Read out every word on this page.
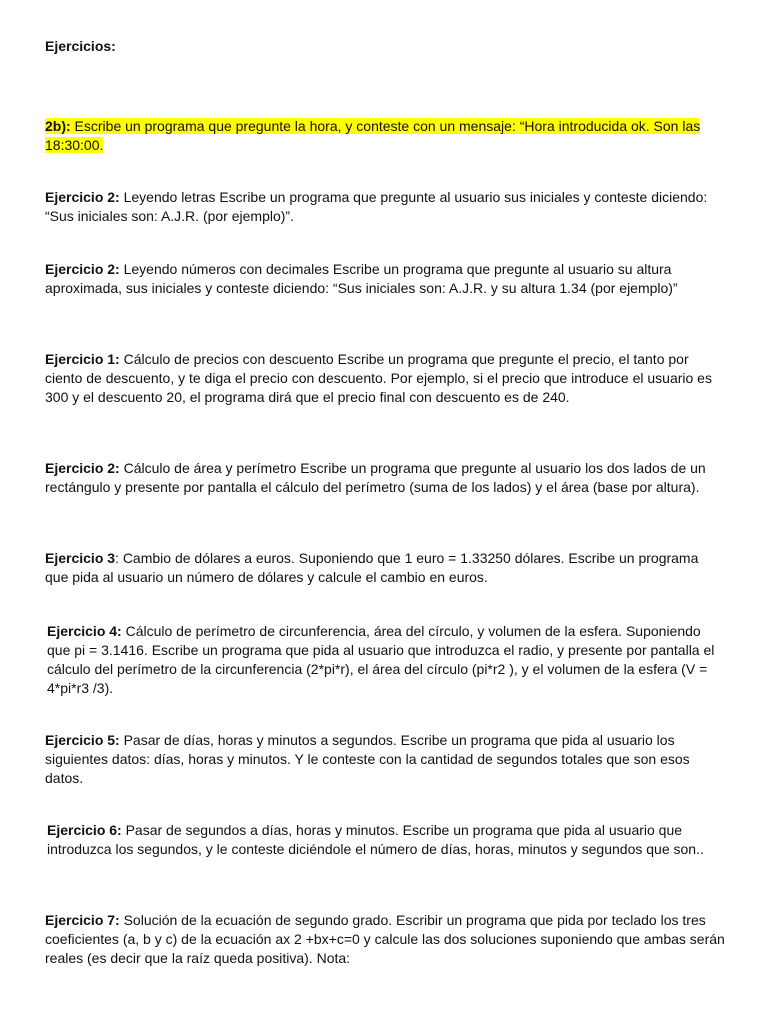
Ejercicios:

2b): Escribe un programa que pregunte la hora, y conteste con un mensaje: “Hora introducida ok. Son las 18:30:00.

Ejercicio 2: Leyendo letras Escribe un programa que pregunte al usuario sus iniciales y conteste diciendo: “Sus iniciales son: A.J.R. (por ejemplo)”.

Ejercicio 2: Leyendo números con decimales Escribe un programa que pregunte al usuario su altura aproximada, sus iniciales y conteste diciendo: “Sus iniciales son: A.J.R. y su altura 1.34 (por ejemplo)”

Ejercicio 1: Cálculo de precios con descuento Escribe un programa que pregunte el precio, el tanto por ciento de descuento, y te diga el precio con descuento. Por ejemplo, si el precio que introduce el usuario es 300 y el descuento 20, el programa dirá que el precio final con descuento es de 240.

Ejercicio 2: Cálculo de área y perímetro Escribe un programa que pregunte al usuario los dos lados de un rectángulo y presente por pantalla el cálculo del perímetro (suma de los lados) y el área (base por altura).

Ejercicio 3: Cambio de dólares a euros. Suponiendo que 1 euro = 1.33250 dólares. Escribe un programa que pida al usuario un número de dólares y calcule el cambio en euros.

Ejercicio 4: Cálculo de perímetro de circunferencia, área del círculo, y volumen de la esfera. Suponiendo que pi = 3.1416. Escribe un programa que pida al usuario que introduzca el radio, y presente por pantalla el cálculo del perímetro de la circunferencia (2*pi*r), el área del círculo (pi*r2 ), y el volumen de la esfera (V = 4*pi*r3 /3).

Ejercicio 5: Pasar de días, horas y minutos a segundos. Escribe un programa que pida al usuario los siguientes datos: días, horas y minutos. Y le conteste con la cantidad de segundos totales que son esos datos.

Ejercicio 6: Pasar de segundos a días, horas y minutos. Escribe un programa que pida al usuario que introduzca los segundos, y le conteste diciéndole el número de días, horas, minutos y segundos que son..

Ejercicio 7: Solución de la ecuación de segundo grado. Escribir un programa que pida por teclado los tres coeficientes (a, b y c) de la ecuación ax 2 +bx+c=0 y calcule las dos soluciones suponiendo que ambas serán reales (es decir que la raíz queda positiva). Nota:
